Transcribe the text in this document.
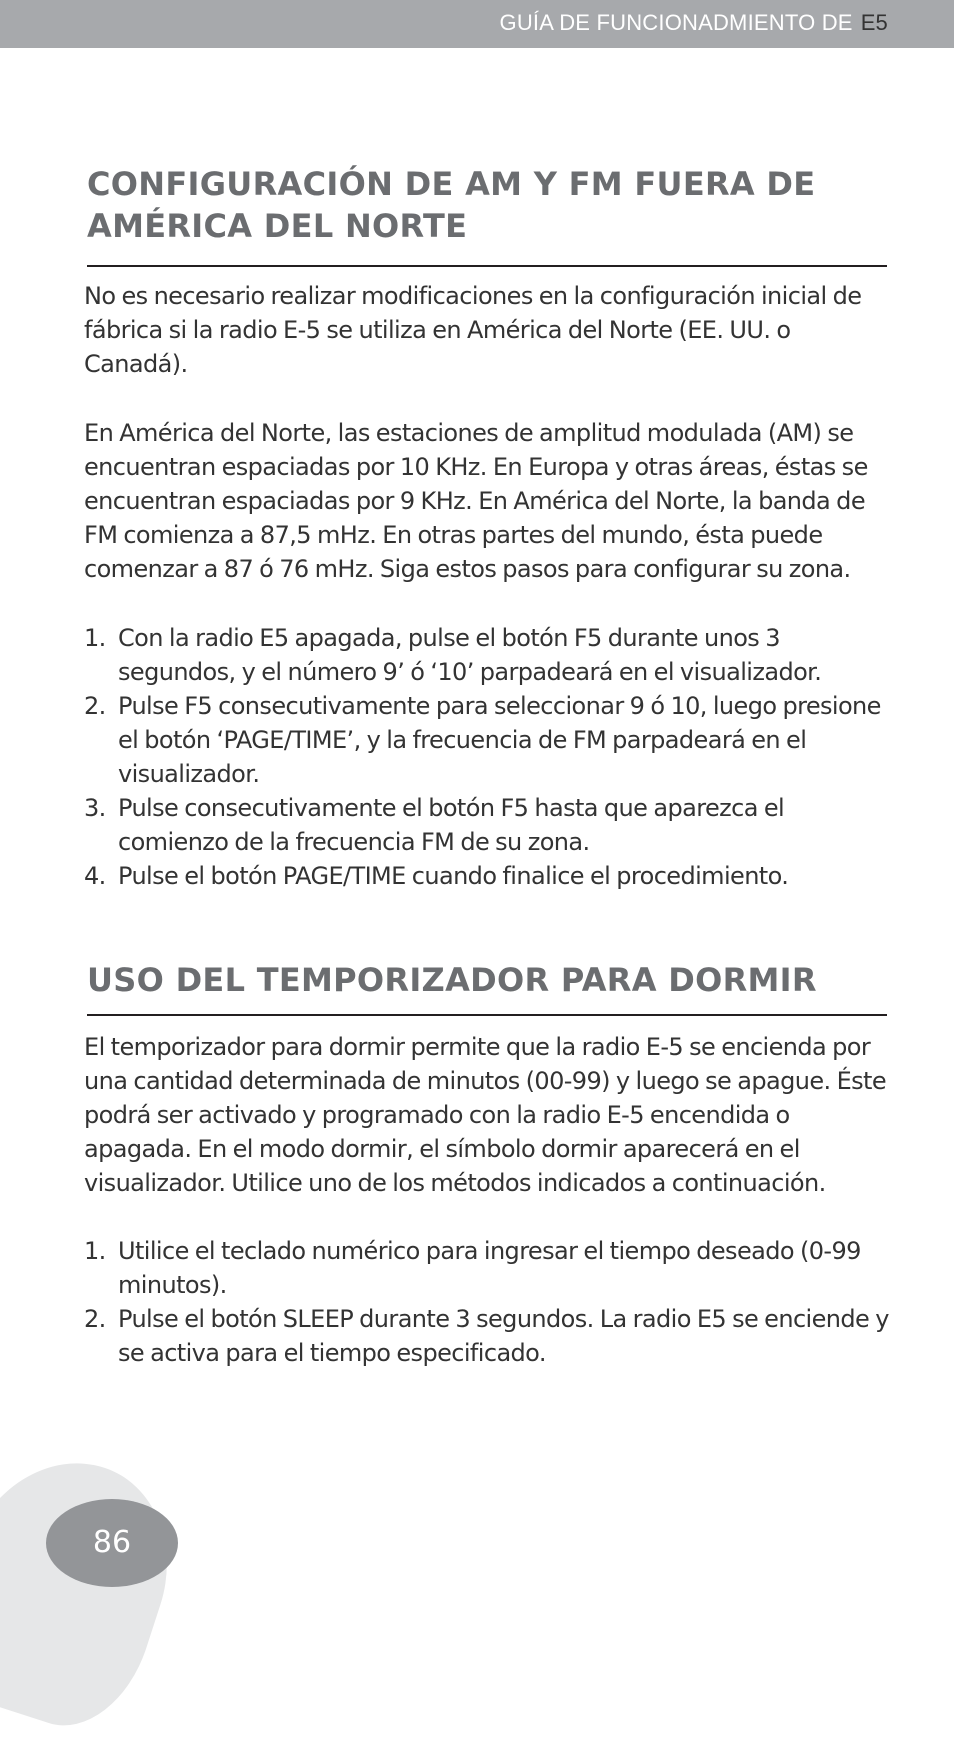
GUÍA DE FUNCIONADMIENTO DE E5
CONFIGURACIÓN DE AM Y FM FUERA DE
AMÉRICA DEL NORTE

No es necesario realizar modificaciones en la configuración inicial de fábrica si la radio E-5 se utiliza en América del Norte (EE. UU. o Canadá).

En América del Norte, las estaciones de amplitud modulada (AM) se encuentran espaciadas por 10 KHz. En Europa y otras áreas, éstas se encuentran espaciadas por 9 KHz. En América del Norte, la banda de FM comienza a 87,5 mHz. En otras partes del mundo, ésta puede comenzar a 87 ó 76 mHz. Siga estos pasos para configurar su zona.

1. Con la radio E5 apagada, pulse el botón F5 durante unos 3 segundos, y el número 9’ ó ‘10’ parpadeará en el visualizador.
2. Pulse F5 consecutivamente para seleccionar 9 ó 10, luego presione el botón ‘PAGE/TIME’, y la frecuencia de FM parpadeará en el visualizador.
3. Pulse consecutivamente el botón F5 hasta que aparezca el comienzo de la frecuencia FM de su zona.
4. Pulse el botón PAGE/TIME cuando finalice el procedimiento.
USO DEL TEMPORIZADOR PARA DORMIR

El temporizador para dormir permite que la radio E-5 se encienda por una cantidad determinada de minutos (00-99) y luego se apague. Éste podrá ser activado y programado con la radio E-5 encendida o apagada. En el modo dormir, el símbolo dormir aparecerá en el visualizador. Utilice uno de los métodos indicados a continuación.

1. Utilice el teclado numérico para ingresar el tiempo deseado (0-99 minutos).
2. Pulse el botón SLEEP durante 3 segundos. La radio E5 se enciende y se activa para el tiempo especificado.
86
